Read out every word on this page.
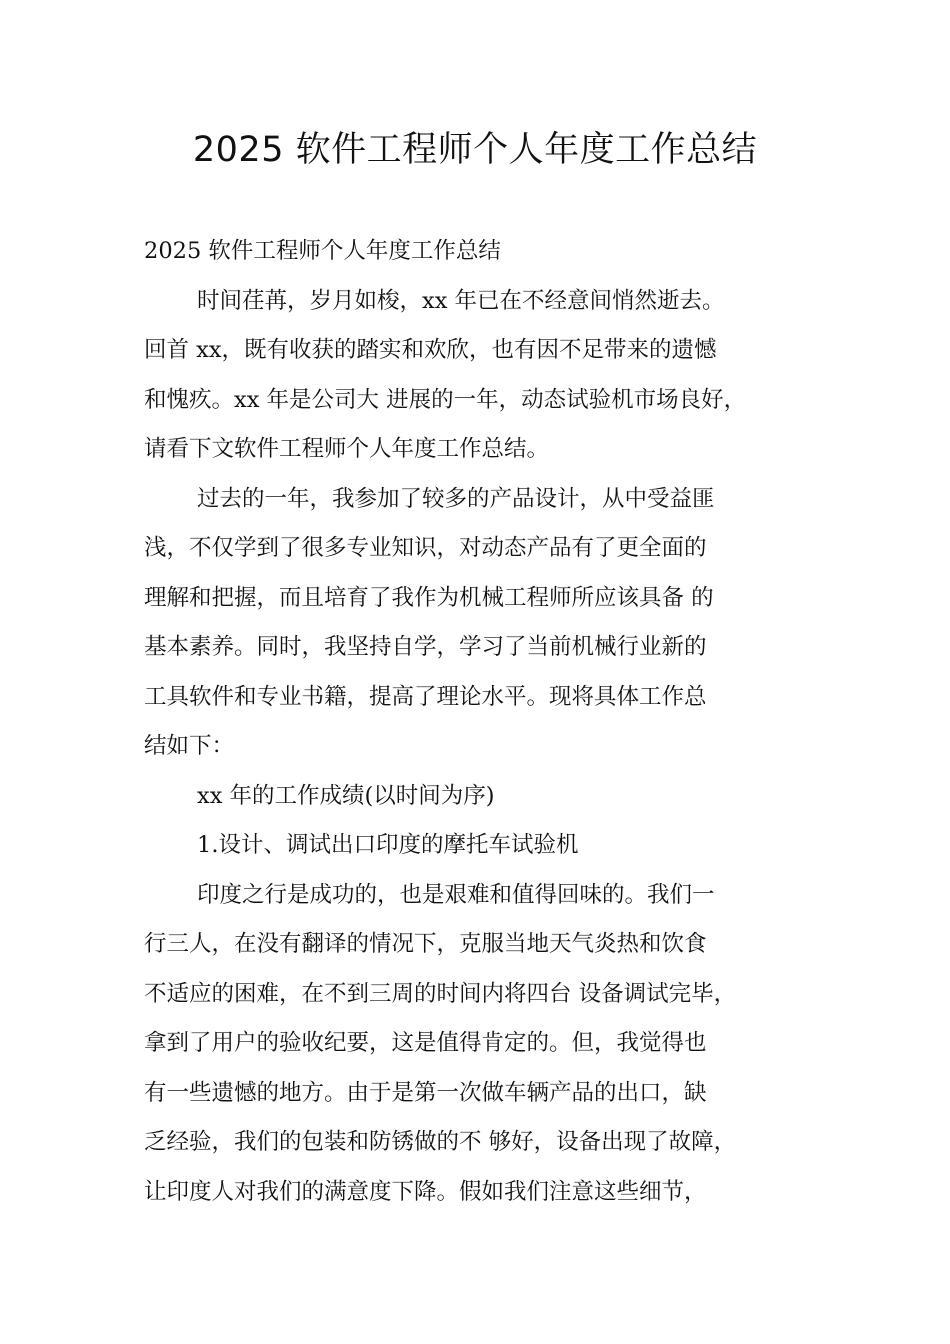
2025 软件工程师个人年度工作总结

2025 软件工程师个人年度工作总结

时间荏苒，岁月如梭，xx 年已在不经意间悄然逝去。
回首 xx，既有收获的踏实和欢欣，也有因不足带来的遗憾
和愧疚。xx 年是公司大 进展的一年，动态试验机市场良好，
请看下文软件工程师个人年度工作总结。

过去的一年，我参加了较多的产品设计，从中受益匪
浅，不仅学到了很多专业知识，对动态产品有了更全面的
理解和把握，而且培育了我作为机械工程师所应该具备 的
基本素养。同时，我坚持自学，学习了当前机械行业新的
工具软件和专业书籍，提高了理论水平。现将具体工作总
结如下：

xx 年的工作成绩(以时间为序)

1.设计、调试出口印度的摩托车试验机

印度之行是成功的，也是艰难和值得回味的。我们一
行三人，在没有翻译的情况下，克服当地天气炎热和饮食
不适应的困难，在不到三周的时间内将四台 设备调试完毕，
拿到了用户的验收纪要，这是值得肯定的。但，我觉得也
有一些遗憾的地方。由于是第一次做车辆产品的出口，缺
乏经验，我们的包装和防锈做的不 够好，设备出现了故障，
让印度人对我们的满意度下降。假如我们注意这些细节，
